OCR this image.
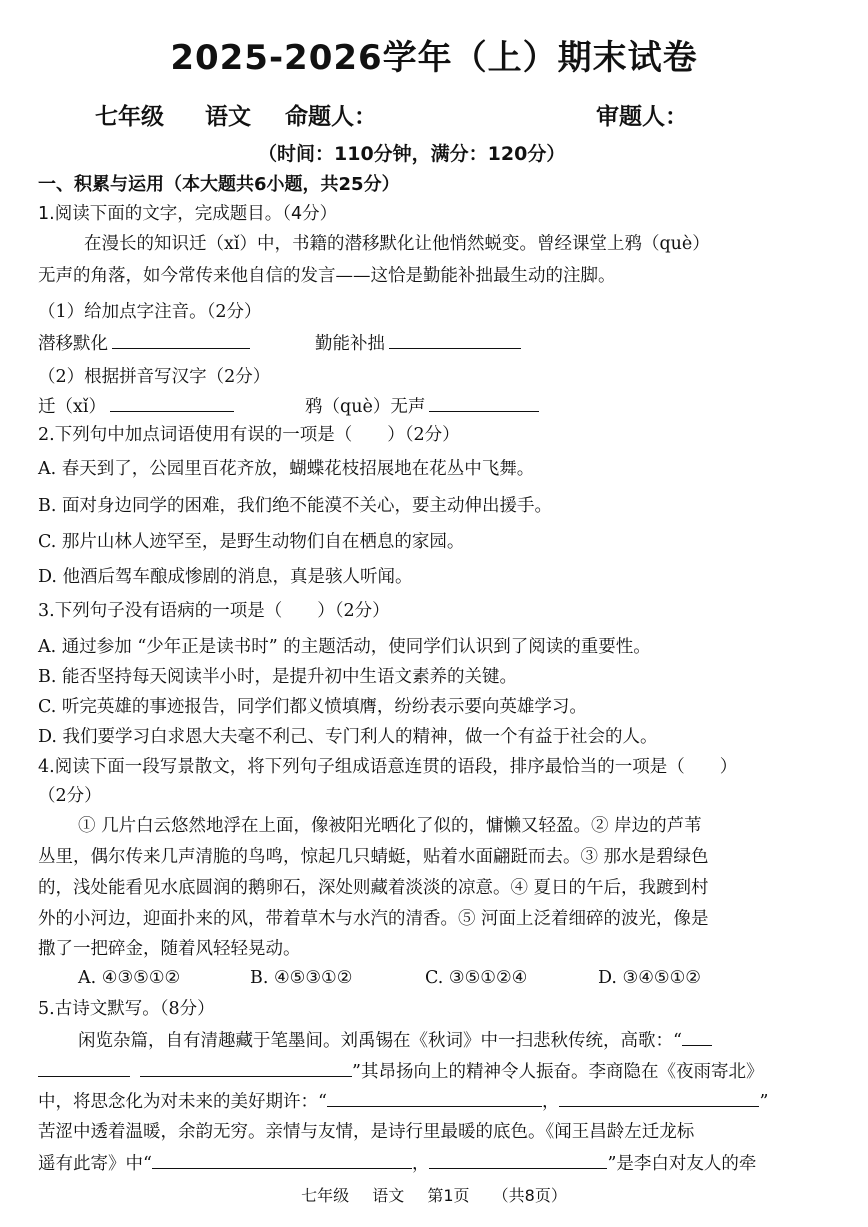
2025-2026学年（上）期末试卷
七年级 语文 命题人：	审题人：
（时间：110分钟，满分：120分）
一、积累与运用（本大题共6小题，共25分）
1.阅读下面的文字，完成题目。（4分）
在漫长的知识迁（xǐ）中，书籍的潜移默化让他悄然蜕变。曾经课堂上鸦（què）
无声的角落，如今常传来他自信的发言——这恰是勤能补拙最生动的注脚。
（1）给加点字注音。（2分）
潜移默化	勤能补拙
（2）根据拼音写汉字（2分）
迁（xǐ）	鸦（què）无声
2.下列句中加点词语使用有误的一项是（　　）（2分）
A. 春天到了，公园里百花齐放，蝴蝶花枝招展地在花丛中飞舞。
B. 面对身边同学的困难，我们绝不能漠不关心，要主动伸出援手。
C. 那片山林人迹罕至，是野生动物们自在栖息的家园。
D. 他酒后驾车酿成惨剧的消息，真是骇人听闻。
3.下列句子没有语病的一项是（　　）（2分）
A. 通过参加 “少年正是读书时” 的主题活动，使同学们认识到了阅读的重要性。
B. 能否坚持每天阅读半小时，是提升初中生语文素养的关键。
C. 听完英雄的事迹报告，同学们都义愤填膺，纷纷表示要向英雄学习。
D. 我们要学习白求恩大夫毫不利己、专门利人的精神，做一个有益于社会的人。
4.阅读下面一段写景散文，将下列句子组成语意连贯的语段，排序最恰当的一项是（　　）
（2分）
① 几片白云悠然地浮在上面，像被阳光晒化了似的，慵懒又轻盈。② 岸边的芦苇
丛里，偶尔传来几声清脆的鸟鸣，惊起几只蜻蜓，贴着水面翩跹而去。③ 那水是碧绿色
的，浅处能看见水底圆润的鹅卵石，深处则藏着淡淡的凉意。④ 夏日的午后，我踱到村
外的小河边，迎面扑来的风，带着草木与水汽的清香。⑤ 河面上泛着细碎的波光，像是
撒了一把碎金，随着风轻轻晃动。
A. ④③⑤①②	B. ④⑤③①②	C. ③⑤①②④	D. ③④⑤①②
5.古诗文默写。（8分）
闲览杂篇，自有清趣藏于笔墨间。刘禹锡在《秋词》中一扫悲秋传统，高歌：“
”其昂扬向上的精神令人振奋。李商隐在《夜雨寄北》
中，将思念化为对未来的美好期许：“	，	”
苦涩中透着温暖，余韵无穷。亲情与友情，是诗行里最暖的底色。《闻王昌龄左迁龙标
遥有此寄》中“	，	”是李白对友人的牵
七年级 语文 第1页 （共8页）
